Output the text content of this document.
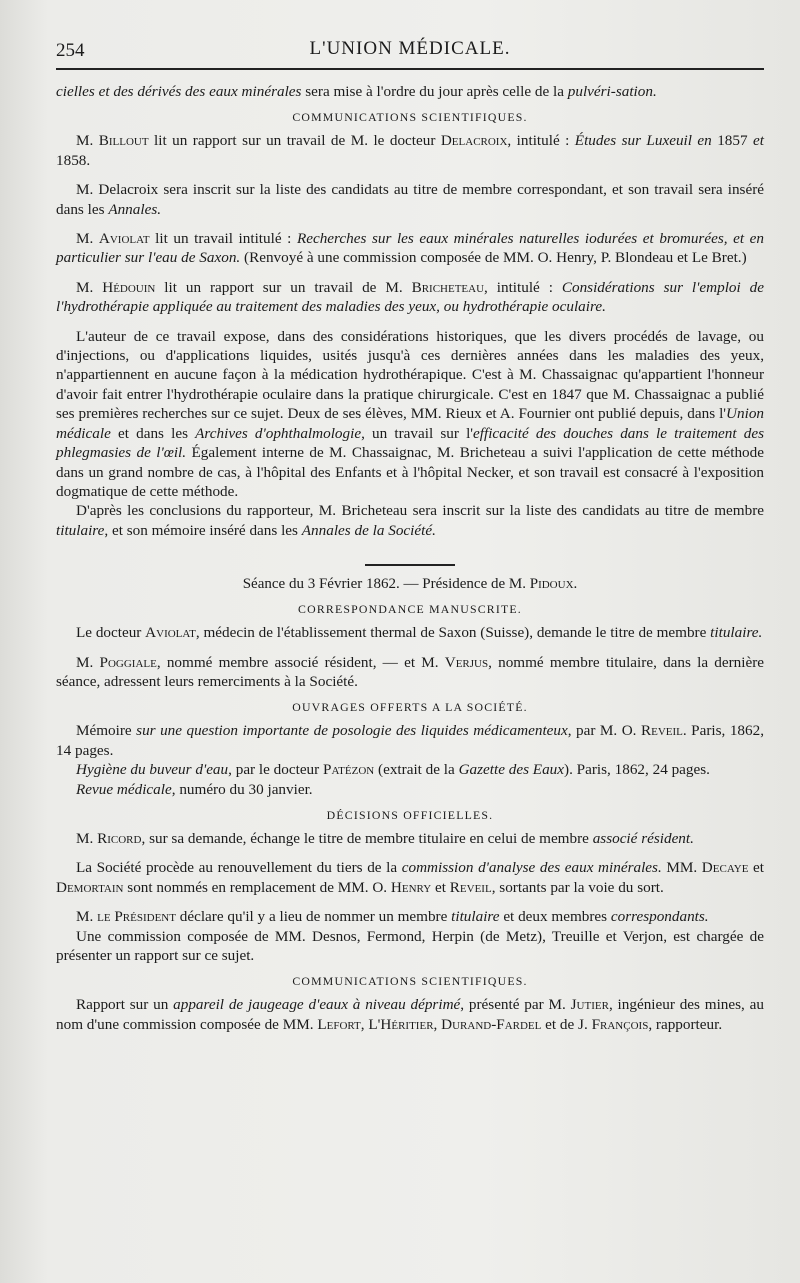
254	L'UNION MÉDICALE.

cielles et des dérivés des eaux minérales sera mise à l'ordre du jour après celle de la pulvéri-sation.

COMMUNICATIONS SCIENTIFIQUES.

M. Billout lit un rapport sur un travail de M. le docteur Delacroix, intitulé : Études sur Luxeuil en 1857 et 1858.

M. Delacroix sera inscrit sur la liste des candidats au titre de membre correspondant, et son travail sera inséré dans les Annales.

M. Aviolat lit un travail intitulé : Recherches sur les eaux minérales naturelles iodurées et bromurées, et en particulier sur l'eau de Saxon. (Renvoyé à une commission composée de MM. O. Henry, P. Blondeau et Le Bret.)

M. Hédouin lit un rapport sur un travail de M. Bricheteau, intitulé : Considérations sur l'emploi de l'hydrothérapie appliquée au traitement des maladies des yeux, ou hydrothérapie oculaire.

L'auteur de ce travail expose, dans des considérations historiques, que les divers procédés de lavage, ou d'injections, ou d'applications liquides, usités jusqu'à ces dernières années dans les maladies des yeux, n'appartiennent en aucune façon à la médication hydrothérapique. C'est à M. Chassaignac qu'appartient l'honneur d'avoir fait entrer l'hydrothérapie oculaire dans la pratique chirurgicale. C'est en 1847 que M. Chassaignac a publié ses premières recherches sur ce sujet. Deux de ses élèves, MM. Rieux et A. Fournier ont publié depuis, dans l'Union médicale et dans les Archives d'ophthalmologie, un travail sur l'efficacité des douches dans le traitement des phlegmasies de l'œil. Également interne de M. Chassaignac, M. Bricheteau a suivi l'application de cette méthode dans un grand nombre de cas, à l'hôpital des Enfants et à l'hôpital Necker, et son travail est consacré à l'exposition dogmatique de cette méthode.

D'après les conclusions du rapporteur, M. Bricheteau sera inscrit sur la liste des candidats au titre de membre titulaire, et son mémoire inséré dans les Annales de la Société.

Séance du 3 Février 1862. — Présidence de M. Pidoux.
CORRESPONDANCE MANUSCRITE.

Le docteur Aviolat, médecin de l'établissement thermal de Saxon (Suisse), demande le titre de membre titulaire.

M. Poggiale, nommé membre associé résident, — et M. Verjus, nommé membre titulaire, dans la dernière séance, adressent leurs remerciments à la Société.

OUVRAGES OFFERTS A LA SOCIÉTÉ.

Mémoire sur une question importante de posologie des liquides médicamenteux, par M. O. Reveil. Paris, 1862, 14 pages.

Hygiène du buveur d'eau, par le docteur Patézon (extrait de la Gazette des Eaux). Paris, 1862, 24 pages.

Revue médicale, numéro du 30 janvier.

DÉCISIONS OFFICIELLES.

M. Ricord, sur sa demande, échange le titre de membre titulaire en celui de membre associé résident.

La Société procède au renouvellement du tiers de la commission d'analyse des eaux minérales. MM. Decaye et Demortain sont nommés en remplacement de MM. O. Henry et Reveil, sortants par la voie du sort.

M. le Président déclare qu'il y a lieu de nommer un membre titulaire et deux membres correspondants.

Une commission composée de MM. Desnos, Fermond, Herpin (de Metz), Treuille et Verjon, est chargée de présenter un rapport sur ce sujet.

COMMUNICATIONS SCIENTIFIQUES.

Rapport sur un appareil de jaugeage d'eaux à niveau déprimé, présenté par M. Jutier, ingénieur des mines, au nom d'une commission composée de MM. Lefort, L'Héritier, Durand-Fardel et de J. François, rapporteur.
